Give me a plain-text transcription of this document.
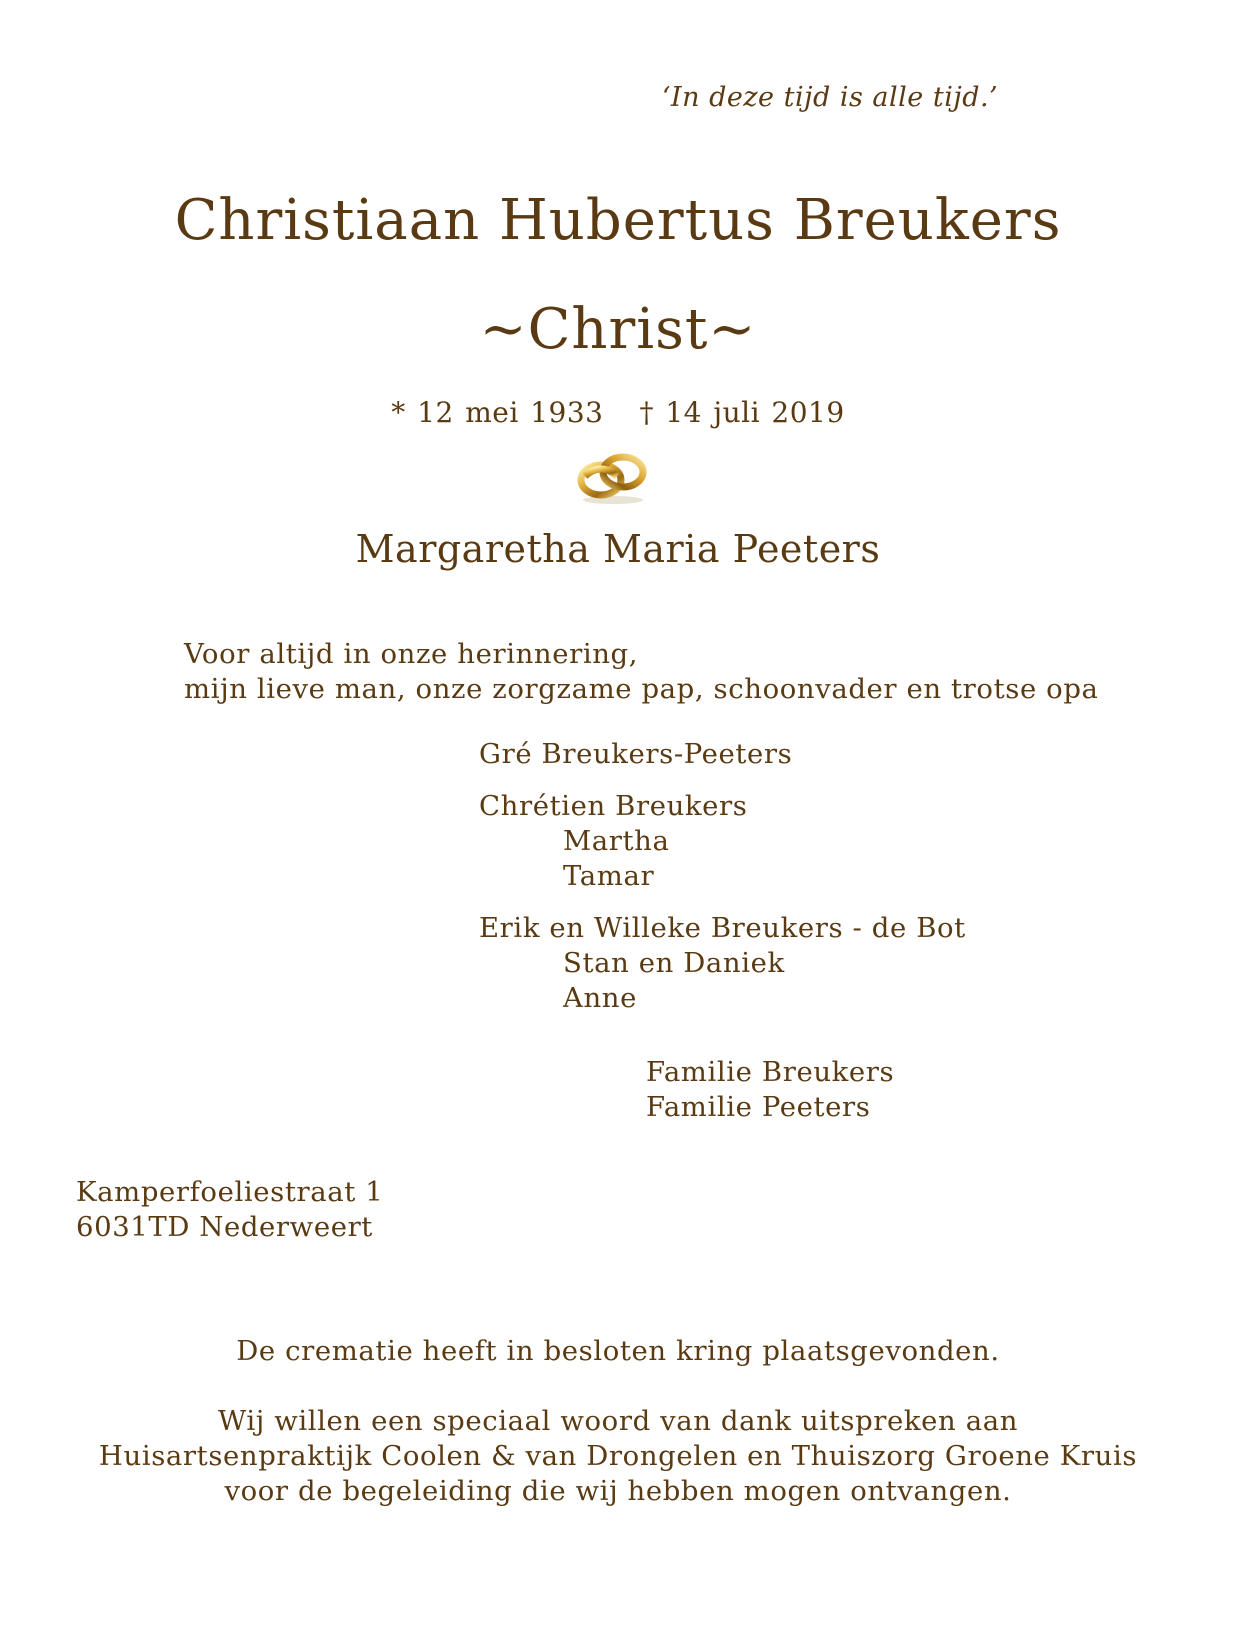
‘In deze tijd is alle tijd.’
Christiaan Hubertus Breukers
~Christ~
* 12 mei 1933 † 14 juli 2019
Margaretha Maria Peeters
Voor altijd in onze herinnering,
mijn lieve man, onze zorgzame pap, schoonvader en trotse opa
Gré Breukers-Peeters
Chrétien Breukers
Martha
Tamar
Erik en Willeke Breukers - de Bot
Stan en Daniek
Anne
Familie Breukers
Familie Peeters
Kamperfoeliestraat 1
6031TD Nederweert
De crematie heeft in besloten kring plaatsgevonden.
Wij willen een speciaal woord van dank uitspreken aan
Huisartsenpraktijk Coolen & van Drongelen en Thuiszorg Groene Kruis
voor de begeleiding die wij hebben mogen ontvangen.
